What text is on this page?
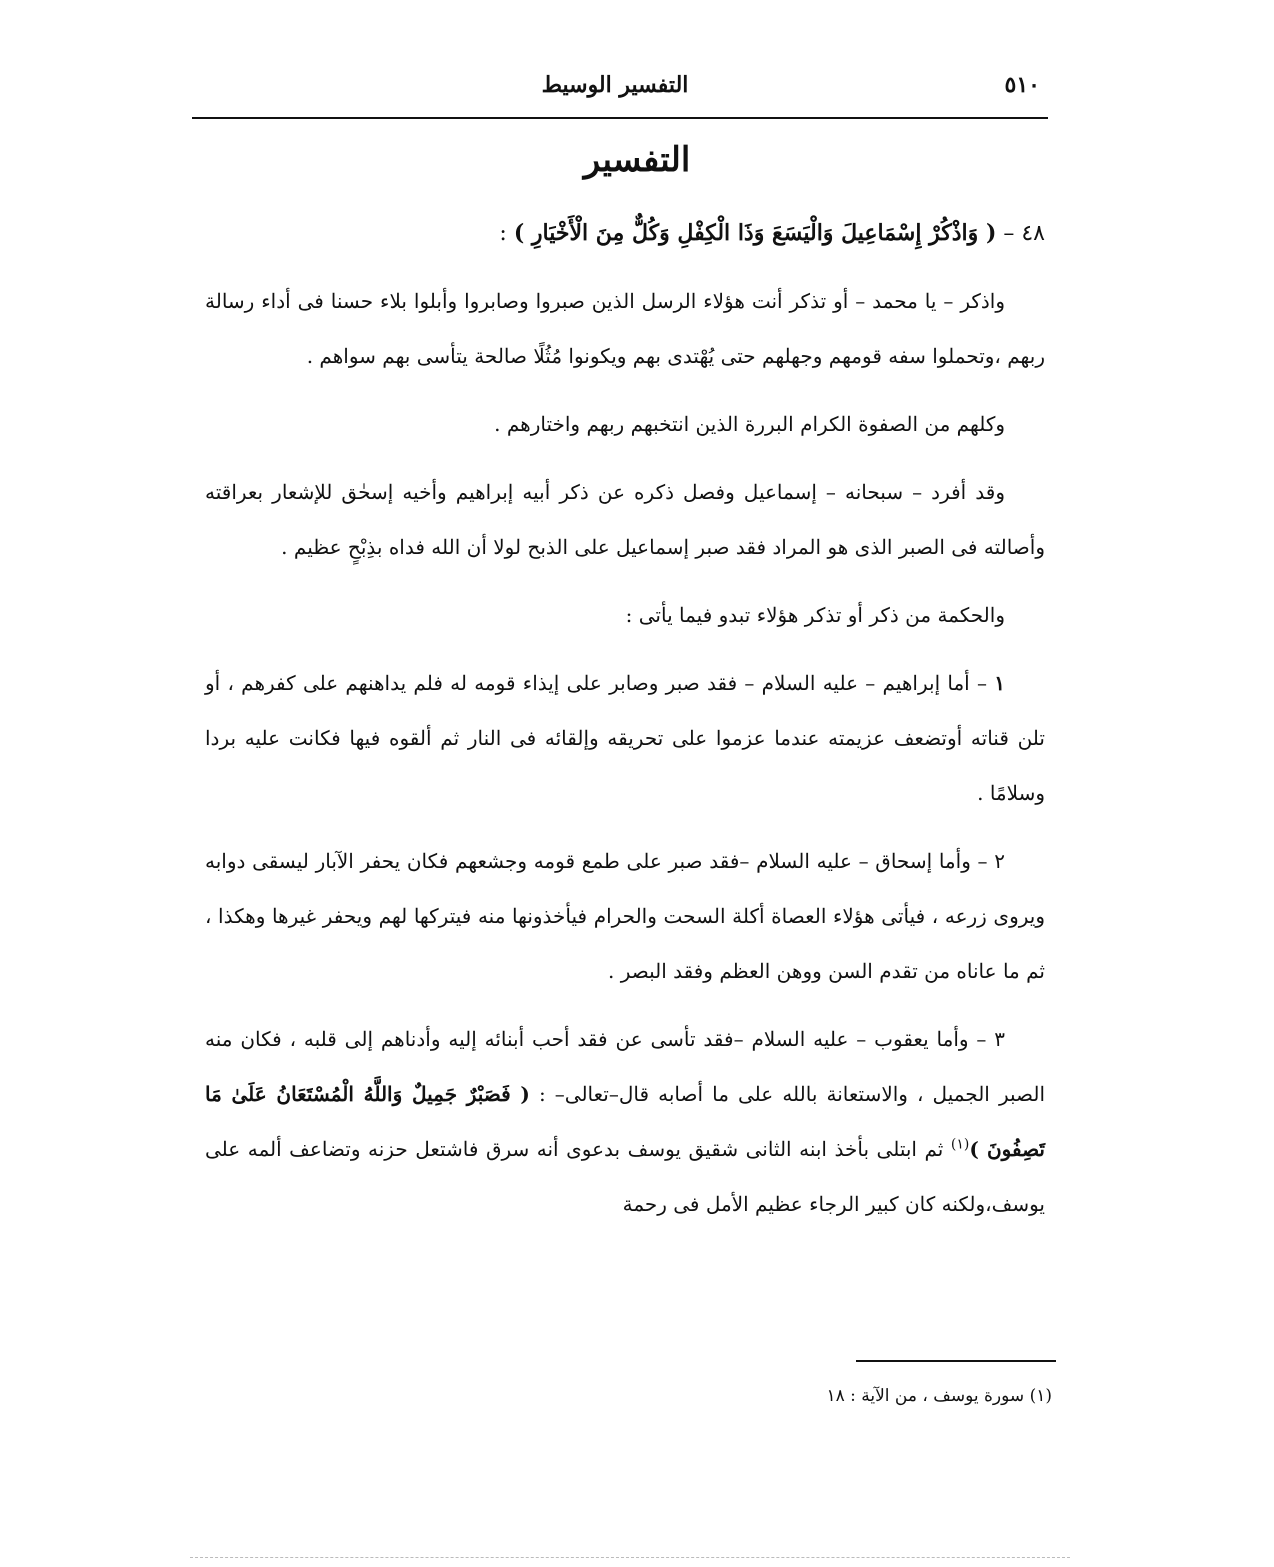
٥١٠
التفسير الوسيط
التفسير

٤٨ – ( وَاذْكُرْ إِسْمَاعِيلَ وَالْيَسَعَ وَذَا الْكِفْلِ وَكُلٌّ مِنَ الْأَخْيَارِ ) :

واذكر – يا محمد – أو تذكر أنت هؤلاء الرسل الذين صبروا وصابروا وأبلوا بلاء حسنا فى أداء رسالة ربهم ،وتحملوا سفه قومهم وجهلهم حتى يُهْتدى بهم ويكونوا مُثُلًا صالحة يتأسى بهم سواهم .

وكلهم من الصفوة الكرام البررة الذين انتخبهم ربهم واختارهم .

وقد أفرد – سبحانه – إسماعيل وفصل ذكره عن ذكر أبيه إبراهيم وأخيه إسحٰق للإشعار بعراقته وأصالته فى الصبر الذى هو المراد فقد صبر إسماعيل على الذبح لولا أن الله فداه بذِبْحٍ عظيم .

والحكمة من ذكر أو تذكر هؤلاء تبدو فيما يأتى :

١ – أما إبراهيم – عليه السلام – فقد صبر وصابر على إيذاء قومه له فلم يداهنهم على كفرهم ، أو تلن قناته أوتضعف عزيمته عندما عزموا على تحريقه وإلقائه فى النار ثم ألقوه فيها فكانت عليه بردا وسلامًا .

٢ – وأما إسحاق – عليه السلام –فقد صبر على طمع قومه وجشعهم فكان يحفر الآبار ليسقى دوابه ويروى زرعه ، فيأتى هؤلاء العصاة أكلة السحت والحرام فيأخذونها منه فيتركها لهم ويحفر غيرها وهكذا ، ثم ما عاناه من تقدم السن ووهن العظم وفقد البصر .

٣ – وأما يعقوب – عليه السلام –فقد تأسى عن فقد أحب أبنائه إليه وأدناهم إلى قلبه ، فكان منه الصبر الجميل ، والاستعانة بالله على ما أصابه قال–تعالى– : ( فَصَبْرٌ جَمِيلٌ وَاللَّهُ الْمُسْتَعَانُ عَلَىٰ مَا تَصِفُونَ )$^{(١)}$ ثم ابتلى بأخذ ابنه الثانى شقيق يوسف بدعوى أنه سرق فاشتعل حزنه وتضاعف ألمه على يوسف،ولكنه كان كبير الرجاء عظيم الأمل فى رحمة

(١) سورة يوسف ، من الآية : ١٨
